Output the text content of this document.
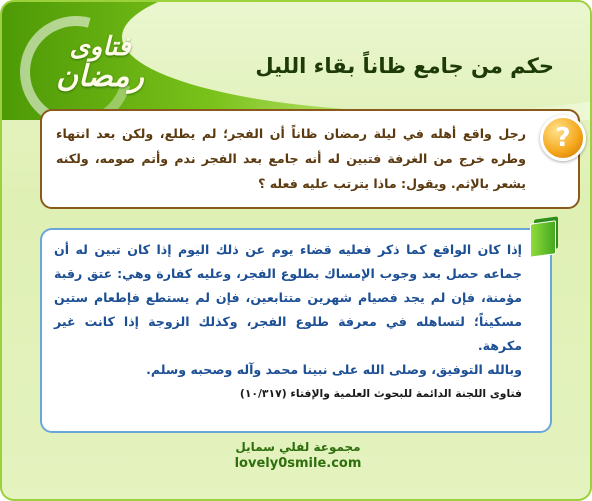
فتاوى
رمضان	حكم من جامع ظاناً بقاء الليل
?
رجل واقع أهله في ليلة رمضان ظاناً أن الفجر؛ لم يطلع، ولكن بعد انتهاء وطره خرج من الغرفة فتبين له أنه جامع بعد الفجر ندم وأتم صومه، ولكنه يشعر بالإثم. ويقول: ماذا يترتب عليه فعله ؟
إذا كان الواقع كما ذكر فعليه قضاء يوم عن ذلك اليوم إذا كان تبين له أن جماعه حصل بعد وجوب الإمساك بطلوع الفجر، وعليه كفارة وهي: عتق رقبة مؤمنة، فإن لم يجد فصيام شهرين متتابعين، فإن لم يستطع فإطعام ستين مسكيناً؛ لتساهله في معرفة طلوع الفجر، وكذلك الزوجة إذا كانت غير مكرهة.
وبالله التوفيق، وصلى الله على نبينا محمد وآله وصحبه وسلم.
فتاوى اللجنة الدائمة للبحوث العلمية والإفتاء (١٠/٣١٧)
مجموعة لفلي سمايل
lovely0smile.com
